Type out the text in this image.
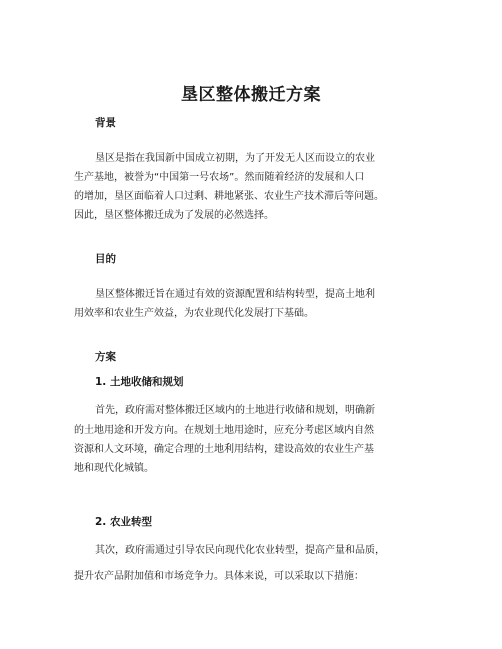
垦区整体搬迁方案
背景
垦区是指在我国新中国成立初期，为了开发无人区而设立的农业
生产基地，被誉为“中国第一号农场”。然而随着经济的发展和人口
的增加，垦区面临着人口过剩、耕地紧张、农业生产技术滞后等问题。
因此，垦区整体搬迁成为了发展的必然选择。
目的
垦区整体搬迁旨在通过有效的资源配置和结构转型，提高土地利
用效率和农业生产效益，为农业现代化发展打下基础。
方案
1. 土地收储和规划
首先，政府需对整体搬迁区域内的土地进行收储和规划，明确新
的土地用途和开发方向。在规划土地用途时，应充分考虑区域内自然
资源和人文环境，确定合理的土地利用结构，建设高效的农业生产基
地和现代化城镇。
2. 农业转型
其次，政府需通过引导农民向现代化农业转型，提高产量和品质，
提升农产品附加值和市场竞争力。具体来说，可以采取以下措施：
